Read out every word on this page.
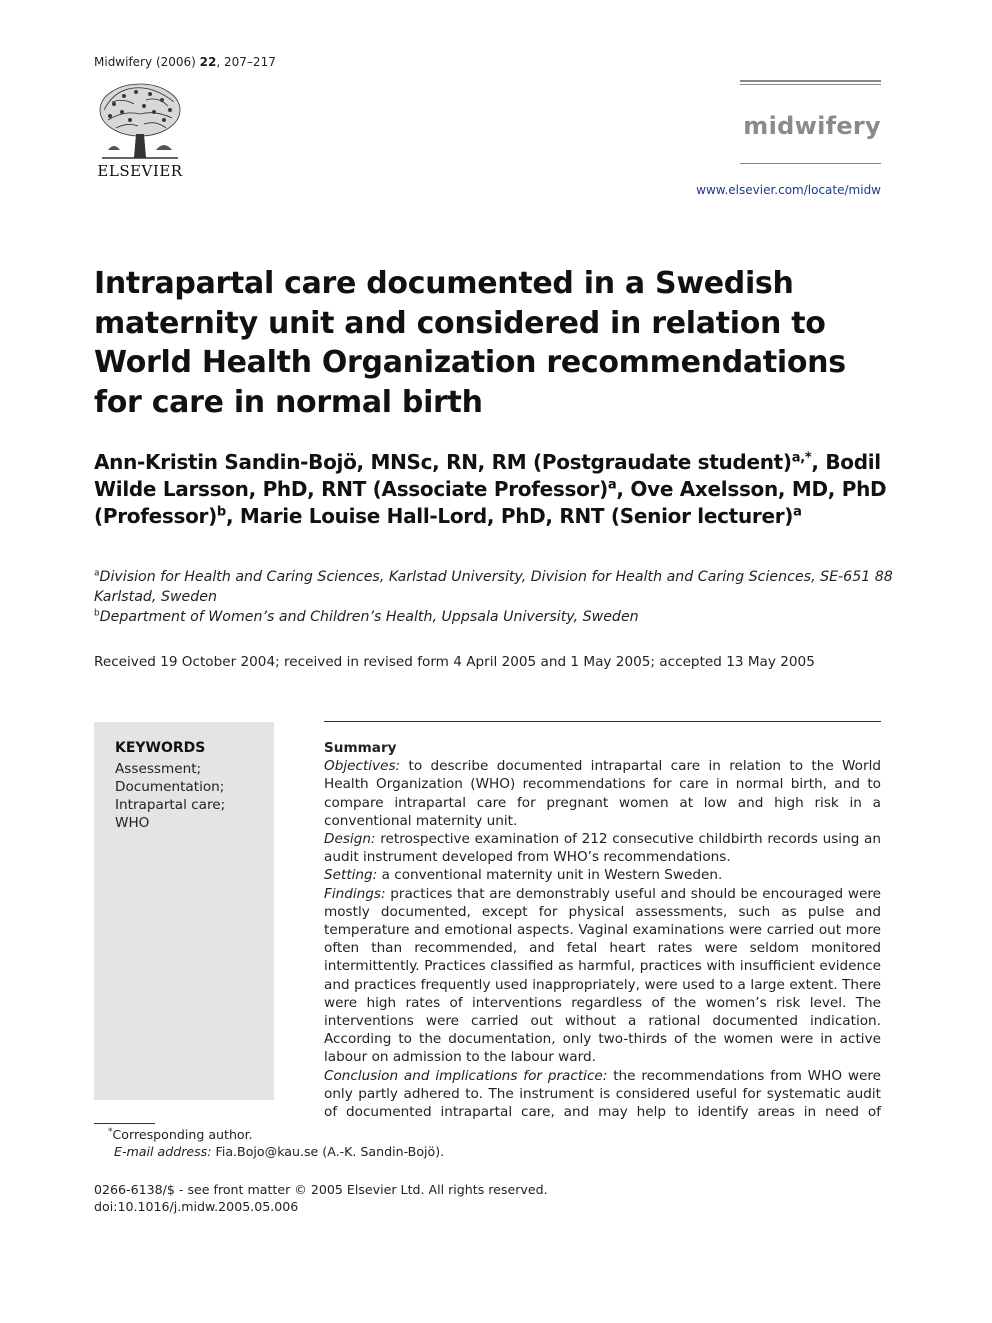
Midwifery (2006) 22, 207–217
ELSEVIER
midwifery
www.elsevier.com/locate/midw
Intrapartal care documented in a Swedish maternity unit and considered in relation to World Health Organization recommendations for care in normal birth
Ann-Kristin Sandin-Bojö, MNSc, RN, RM (Postgraudate student)$^{a,*}$, Bodil Wilde Larsson, PhD, RNT (Associate Professor)$^a$, Ove Axelsson, MD, PhD (Professor)$^b$, Marie Louise Hall-Lord, PhD, RNT (Senior lecturer)$^a$
$^a$Division for Health and Caring Sciences, Karlstad University, Division for Health and Caring Sciences, SE-651 88 Karlstad, Sweden
$^b$Department of Women’s and Children’s Health, Uppsala University, Sweden
Received 19 October 2004; received in revised form 4 April 2005 and 1 May 2005; accepted 13 May 2005
KEYWORDS
Assessment;
Documentation;
Intrapartal care;
WHO
Summary

Objectives: to describe documented intrapartal care in relation to the World Health Organization (WHO) recommendations for care in normal birth, and to compare intrapartal care for pregnant women at low and high risk in a conventional maternity unit.

Design: retrospective examination of 212 consecutive childbirth records using an audit instrument developed from WHO’s recommendations.

Setting: a conventional maternity unit in Western Sweden.

Findings: practices that are demonstrably useful and should be encouraged were mostly documented, except for physical assessments, such as pulse and temperature and emotional aspects. Vaginal examinations were carried out more often than recommended, and fetal heart rates were seldom monitored intermittently. Practices classified as harmful, practices with insufficient evidence and practices frequently used inappropriately, were used to a large extent. There were high rates of interventions regardless of the women’s risk level. The interventions were carried out without a rational documented indication. According to the documentation, only two-thirds of the women were in active labour on admission to the labour ward.

Conclusion and implications for practice: the recommendations from WHO were only partly adhered to. The instrument is considered useful for systematic audit of documented intrapartal care, and may help to identify areas in need of

*Corresponding author.
E-mail address: Fia.Bojo@kau.se (A.-K. Sandin-Bojö).
0266-6138/$ - see front matter © 2005 Elsevier Ltd. All rights reserved.
doi:10.1016/j.midw.2005.05.006
